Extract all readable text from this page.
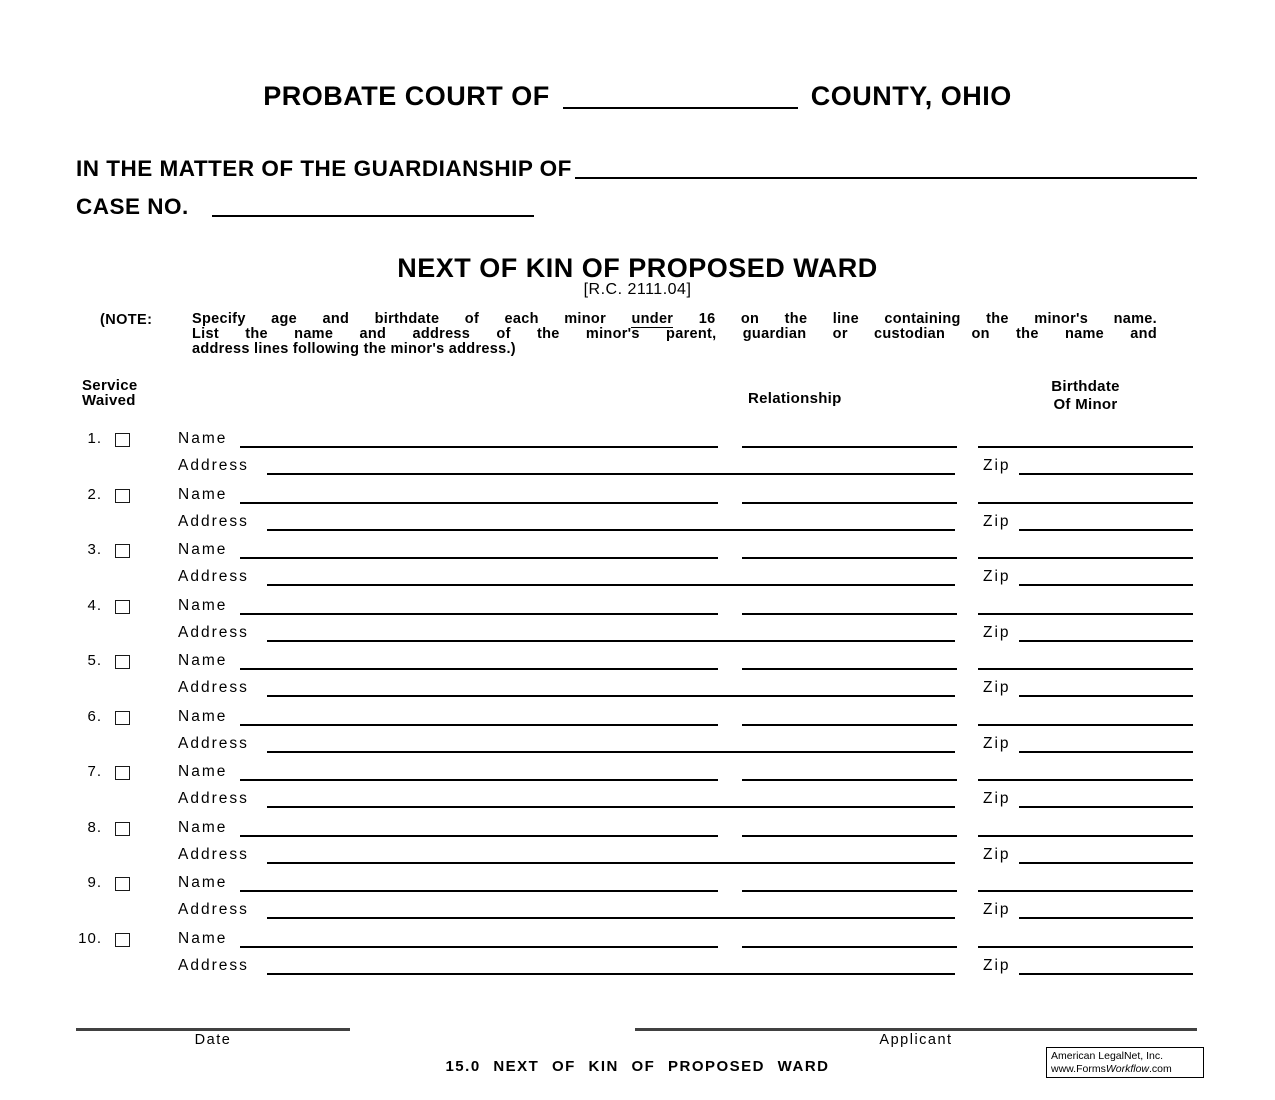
PROBATE COURT OF	COUNTY, OHIO
IN THE MATTER OF THE GUARDIANSHIP OF
CASE NO.
NEXT OF KIN OF PROPOSED WARD
[R.C. 2111.04]
(NOTE:	Specify age and birthdate of each minor under 16 on the line containing the minor's name.
List the name and address of the minor's parent, guardian or custodian on the name and
address lines following the minor's address.)
Service
Waived	Relationship
Birthdate
Of Minor
1.	Name
Address	Zip
2.	Name
Address	Zip
3.	Name
Address	Zip
4.	Name
Address	Zip
5.	Name
Address	Zip
6.	Name
Address	Zip
7.	Name
Address	Zip
8.	Name
Address	Zip
9.	Name
Address	Zip
10.	Name
Address	Zip
Date	Applicant
15.0 NEXT OF KIN OF PROPOSED WARD
American LegalNet, Inc.
www.FormsWorkflow.com
